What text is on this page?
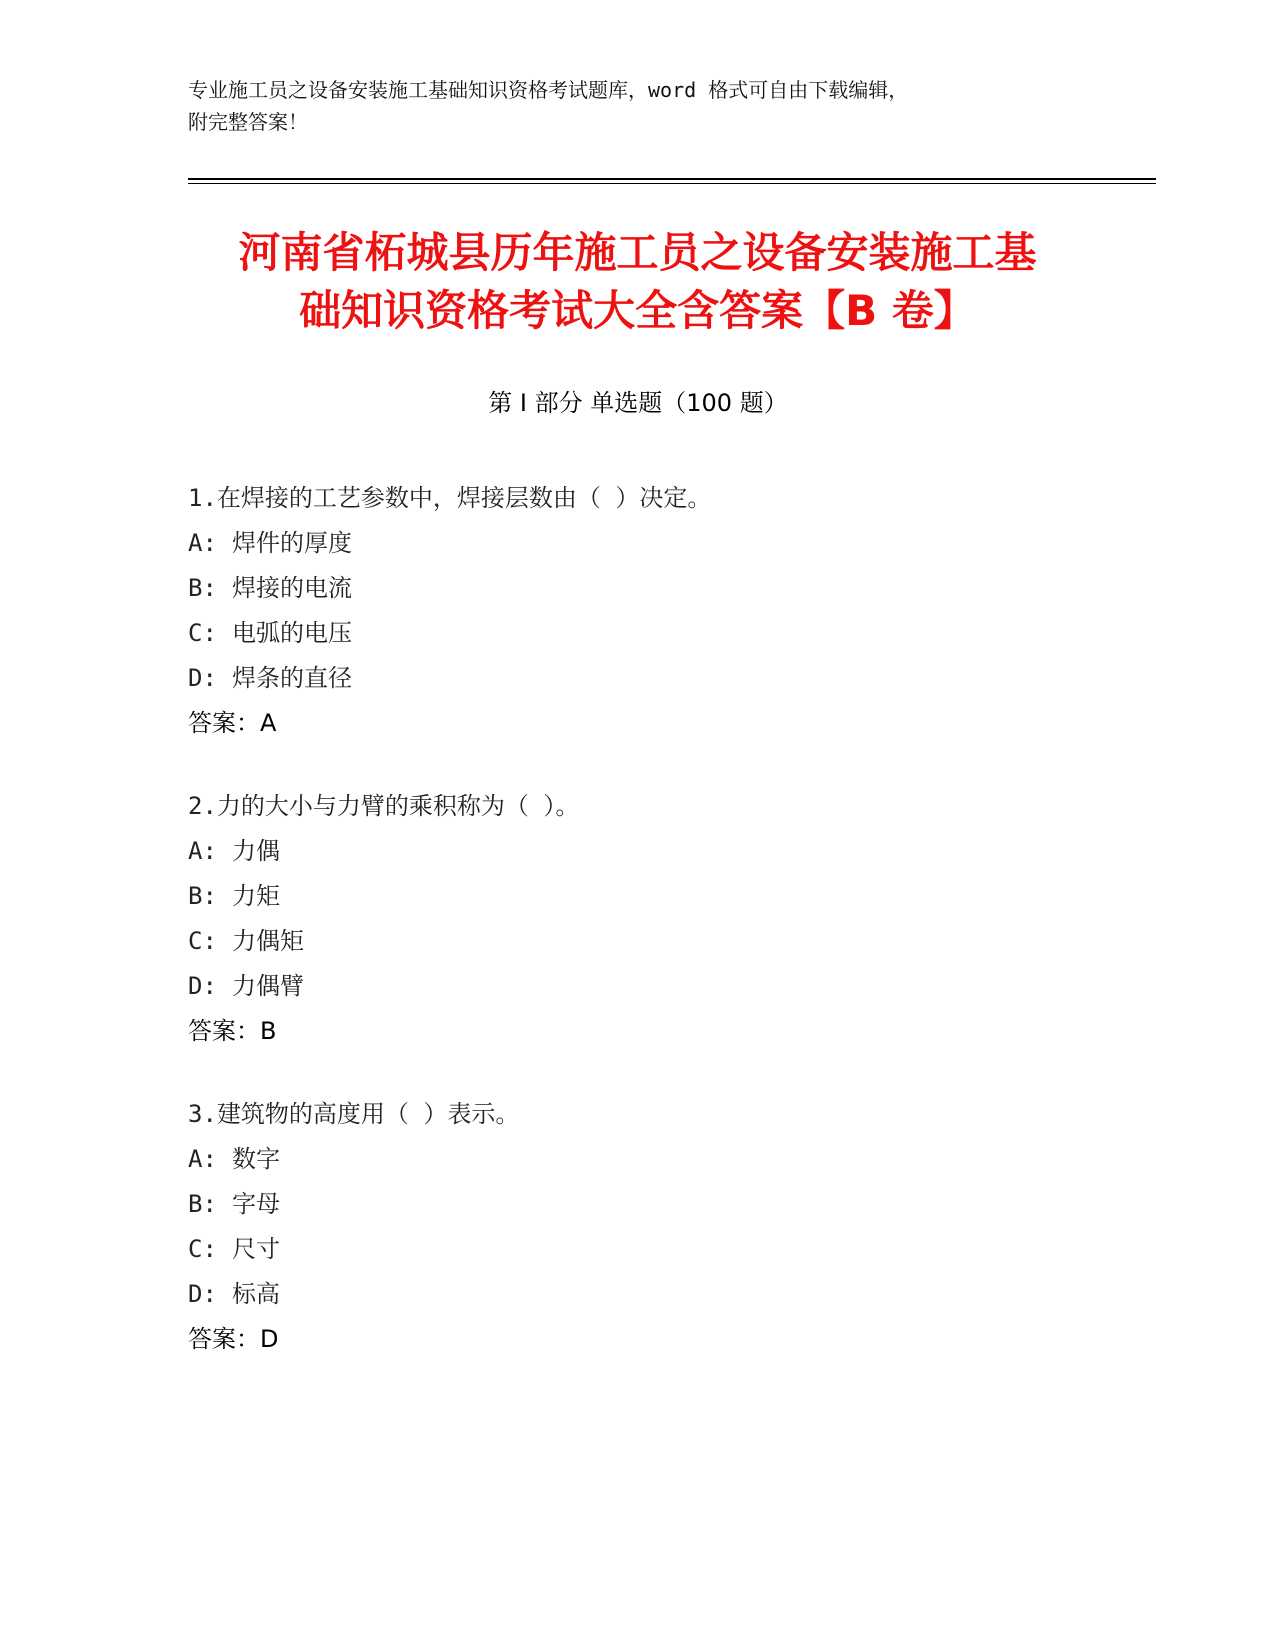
专业施工员之设备安装施工基础知识资格考试题库，word 格式可自由下载编辑，
附完整答案！
河南省柘城县历年施工员之设备安装施工基
础知识资格考试大全含答案【B 卷】
第 I 部分 单选题（100 题）
1.在焊接的工艺参数中，焊接层数由（ ）决定。
A: 焊件的厚度
B: 焊接的电流
C: 电弧的电压
D: 焊条的直径
答案：A
2.力的大小与力臂的乘积称为（ ）。
A: 力偶
B: 力矩
C: 力偶矩
D: 力偶臂
答案：B
3.建筑物的高度用（ ）表示。
A: 数字
B: 字母
C: 尺寸
D: 标高
答案：D
